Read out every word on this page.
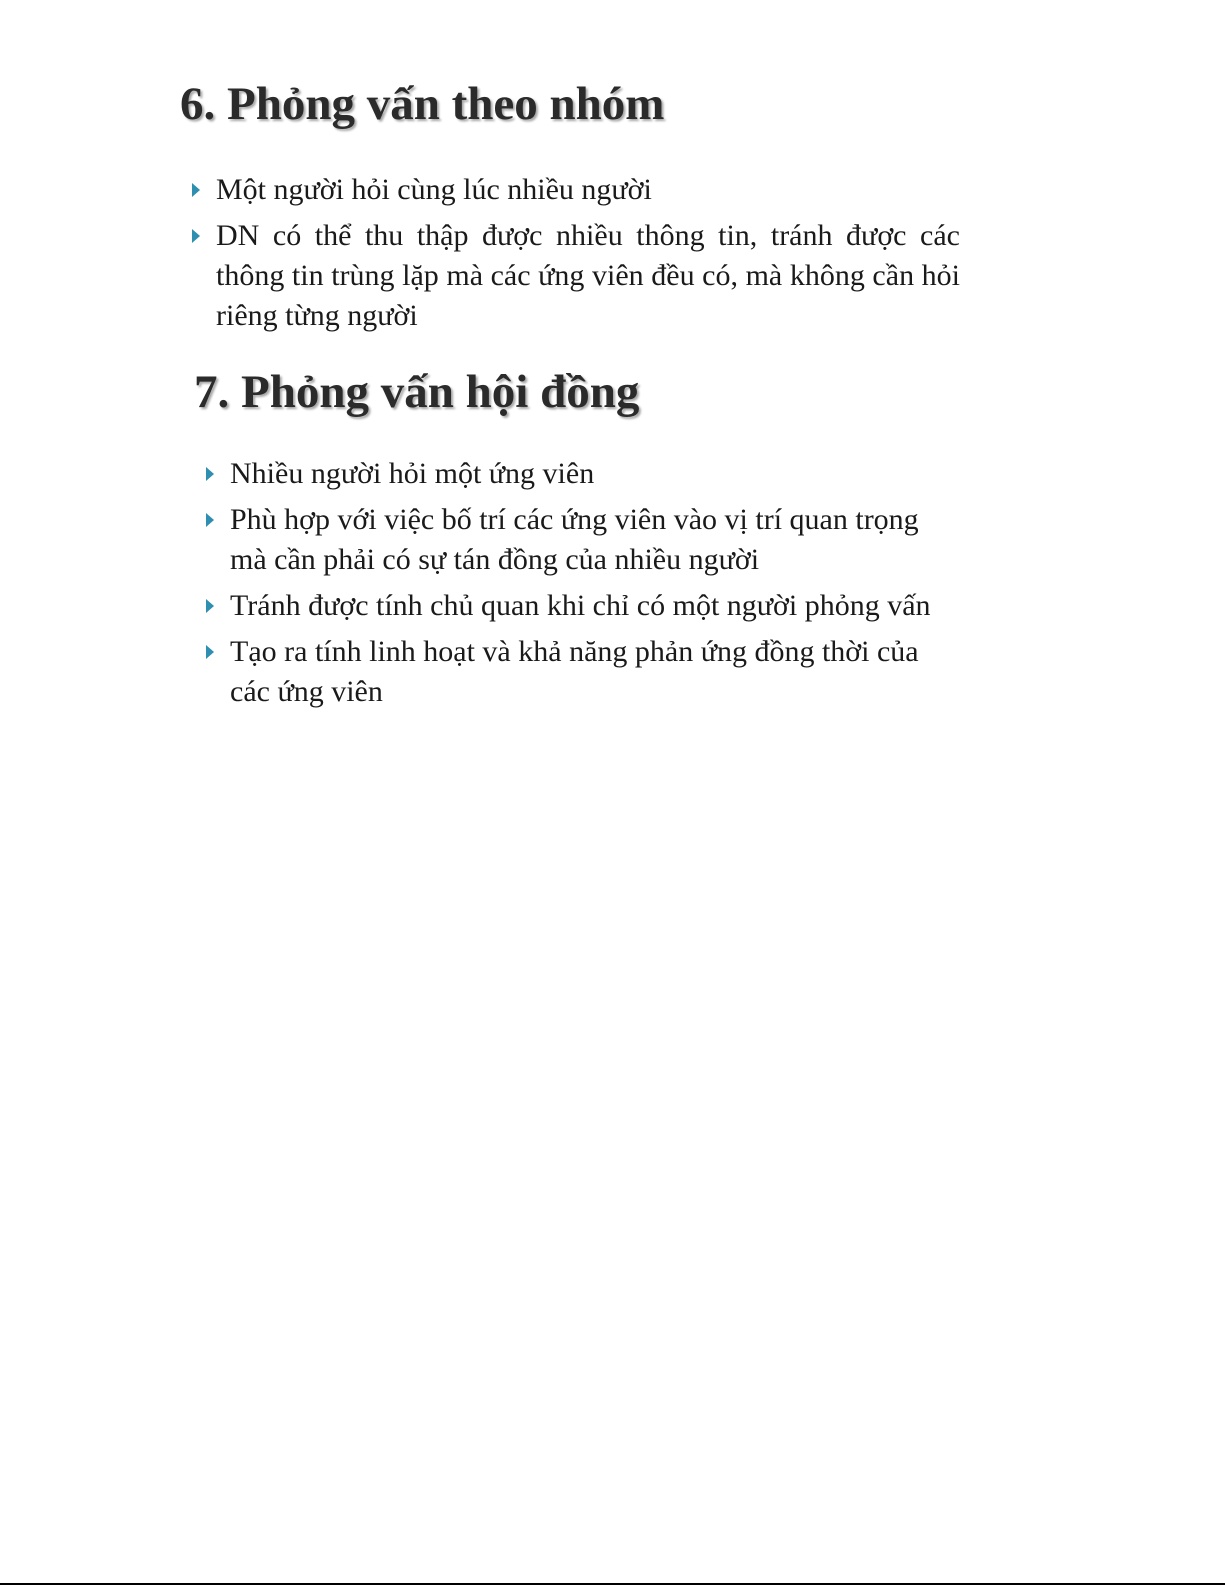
6. Phỏng vấn theo nhóm
Một người hỏi cùng lúc nhiều người
DN có thể thu thập được nhiều thông tin, tránh được các thông tin trùng lặp mà các ứng viên đều có, mà không cần hỏi riêng từng người
7. Phỏng vấn hội đồng
Nhiều người hỏi một ứng viên
Phù hợp với việc bố trí các ứng viên vào vị trí quan trọng mà cần phải có sự tán đồng của nhiều người
Tránh được tính chủ quan khi chỉ có một người phỏng vấn
Tạo ra tính linh hoạt và khả năng phản ứng đồng thời của các ứng viên
